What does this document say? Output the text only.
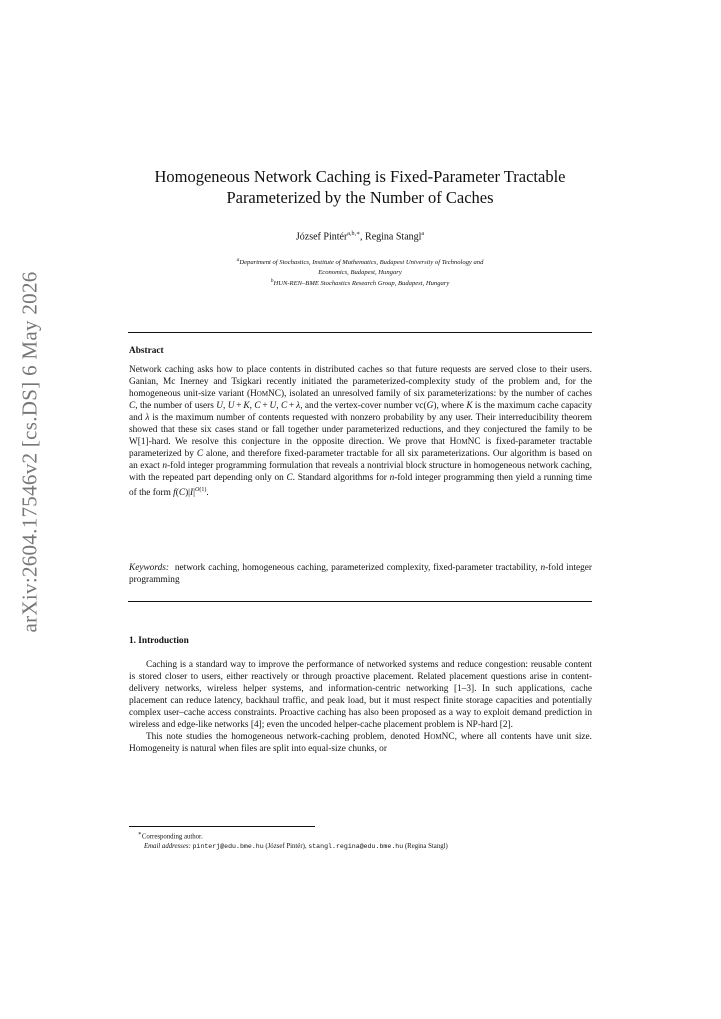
arXiv:2604.17546v2 [cs.DS] 6 May 2026
Homogeneous Network Caching is Fixed-Parameter Tractable
Parameterized by the Number of Caches
József Pintér$^{a,b,∗}$, Regina Stangl$^a$
$^a$Department of Stochastics, Institute of Mathematics, Budapest University of Technology and
Economics, Budapest, Hungary
$^b$HUN-REN–BME Stochastics Research Group, Budapest, Hungary
Abstract

Network caching asks how to place contents in distributed caches so that future requests are served close to their users. Ganian, Mc Inerney and Tsigkari recently initiated the parameterized-complexity study of the problem and, for the homogeneous unit-size variant (HomNC), isolated an unresolved family of six parameterizations: by the number of caches C, the number of users U, U + K, C + U, C + λ, and the vertex-cover number vc(G), where K is the maximum cache capacity and λ is the maximum number of contents requested with nonzero probability by any user. Their interreducibility theorem showed that these six cases stand or fall together under parameterized reductions, and they conjectured the family to be W[1]-hard. We resolve this conjecture in the opposite direction. We prove that HomNC is fixed-parameter tractable parameterized by C alone, and therefore fixed-parameter tractable for all six parameterizations. Our algorithm is based on an exact n-fold integer programming formulation that reveals a nontrivial block structure in homogeneous network caching, with the repeated part depending only on C. Standard algorithms for n-fold integer programming then yield a running time of the form $f(C)|I|^{O(1)}$.

Keywords: network caching, homogeneous caching, parameterized complexity, fixed-parameter tractability, n-fold integer programming
1. Introduction

Caching is a standard way to improve the performance of networked systems and reduce congestion: reusable content is stored closer to users, either reactively or through proactive placement. Related placement questions arise in content-delivery networks, wireless helper systems, and information-centric networking [1–3]. In such applications, cache placement can reduce latency, backhaul traffic, and peak load, but it must respect finite storage capacities and potentially complex user–cache access constraints. Proactive caching has also been proposed as a way to exploit demand prediction in wireless and edge-like networks [4]; even the uncoded helper-cache placement problem is NP-hard [2].

This note studies the homogeneous network-caching problem, denoted HomNC, where all contents have unit size. Homogeneity is natural when files are split into equal-size chunks, or

∗Corresponding author.
Email addresses: pinterj@edu.bme.hu (József Pintér), stangl.regina@edu.bme.hu (Regina Stangl)
